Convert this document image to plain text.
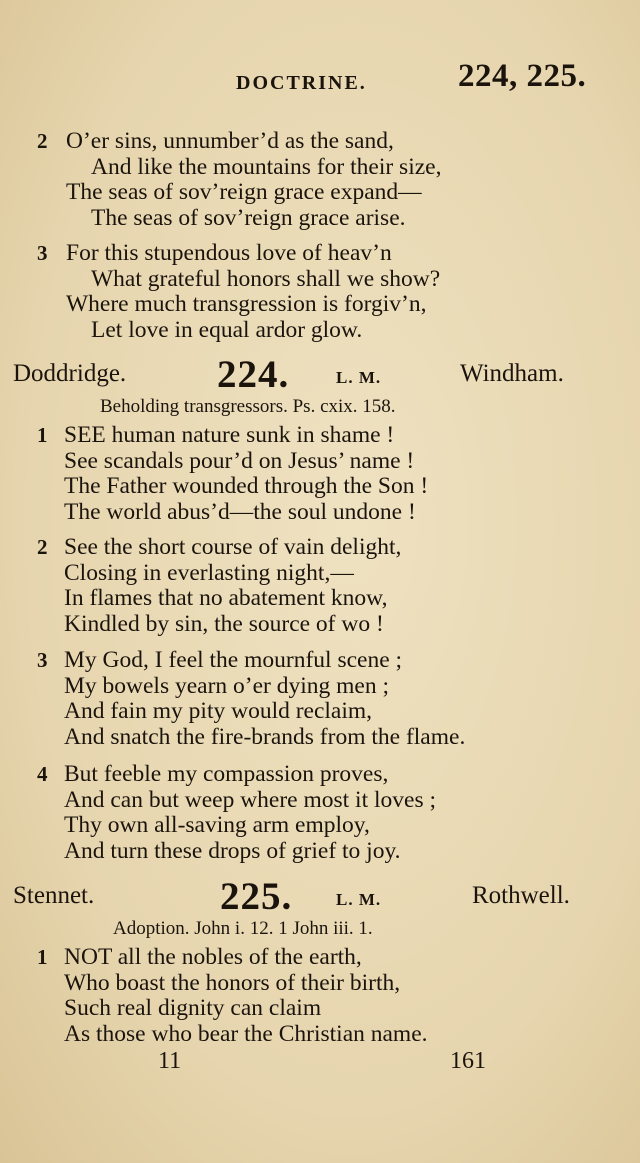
DOCTRINE.	224, 225.
2 O’er sins, unnumber’d as the sand,
And like the mountains for their size,
The seas of sov’reign grace expand—
The seas of sov’reign grace arise.
3 For this stupendous love of heav’n
What grateful honors shall we show?
Where much transgression is forgiv’n,
Let love in equal ardor glow.
Doddridge. 224.	L. M.	Windham.
Beholding transgressors. Ps. cxix. 158.
1 SEE human nature sunk in shame !
See scandals pour’d on Jesus’ name !
The Father wounded through the Son !
The world abus’d—the soul undone !
2 See the short course of vain delight,
Closing in everlasting night,—
In flames that no abatement know,
Kindled by sin, the source of wo !
3 My God, I feel the mournful scene ;
My bowels yearn o’er dying men ;
And fain my pity would reclaim,
And snatch the fire-brands from the flame.
4 But feeble my compassion proves,
And can but weep where most it loves ;
Thy own all-saving arm employ,
And turn these drops of grief to joy.
Stennet.	225.	L. M.	Rothwell.
Adoption. John i. 12. 1 John iii. 1.
1 NOT all the nobles of the earth,
Who boast the honors of their birth,
Such real dignity can claim
As those who bear the Christian name.
11	161
